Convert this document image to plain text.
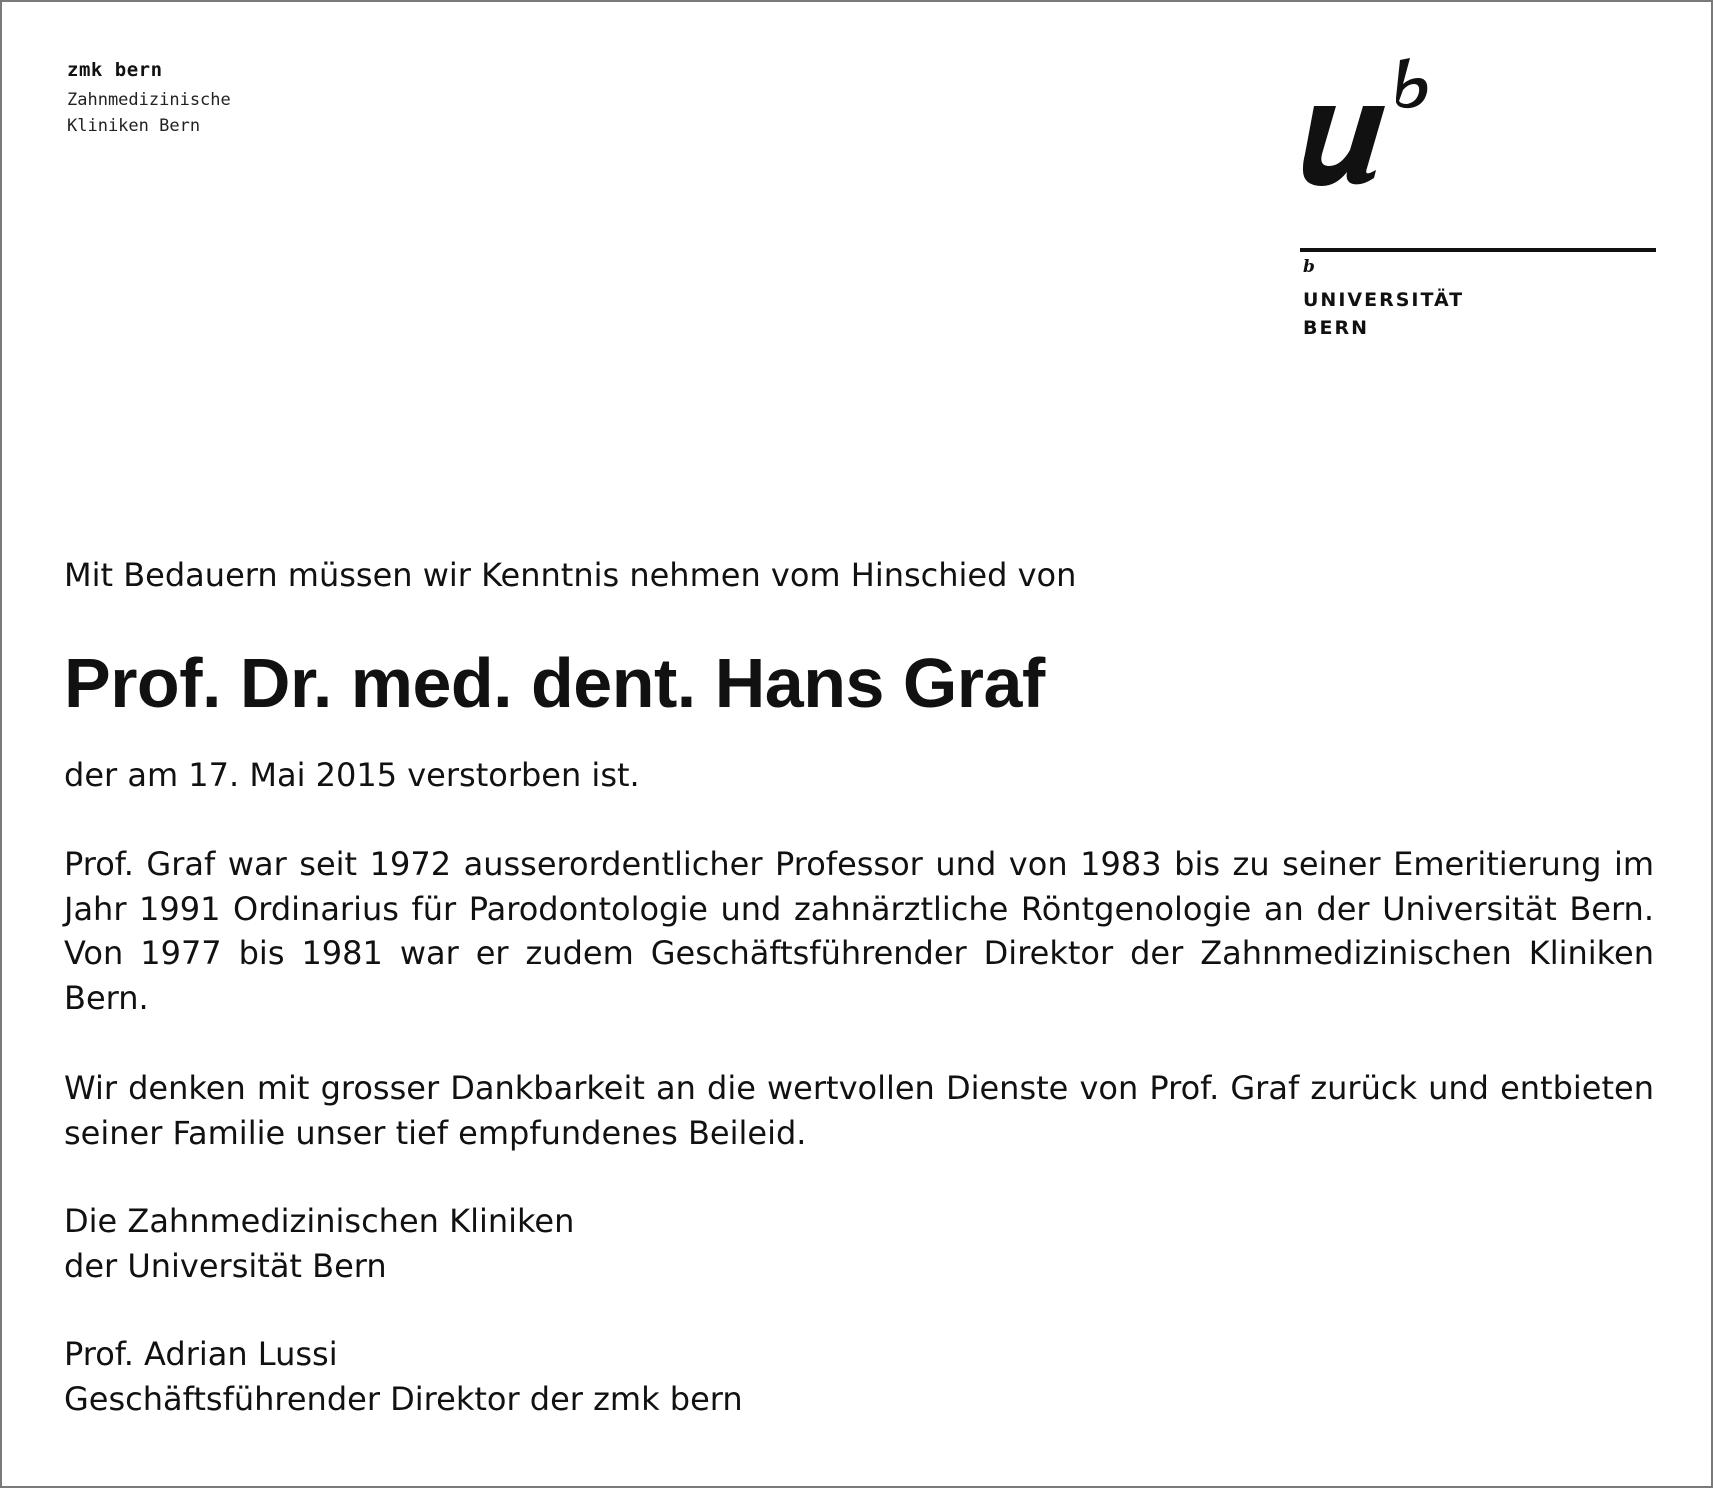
zmk bern
Zahnmedizinische
Kliniken Bern
b
UNIVERSITÄT
BERN

Mit Bedauern müssen wir Kenntnis nehmen vom Hinschied von

Prof. Dr. med. dent. Hans Graf

der am 17. Mai 2015 verstorben ist.

Prof. Graf war seit 1972 ausserordentlicher Professor und von 1983 bis zu seiner Emeritierung im Jahr 1991 Ordinarius für Parodontologie und zahnärztliche Röntgenologie an der Universität Bern. Von 1977 bis 1981 war er zudem Geschäftsführender Direktor der Zahnmedizinischen Kliniken Bern.

Wir denken mit grosser Dankbarkeit an die wertvollen Dienste von Prof. Graf zurück und entbieten seiner Familie unser tief empfundenes Beileid.

Die Zahnmedizinischen Kliniken
der Universität Bern
Prof. Adrian Lussi
Geschäftsführender Direktor der zmk bern
